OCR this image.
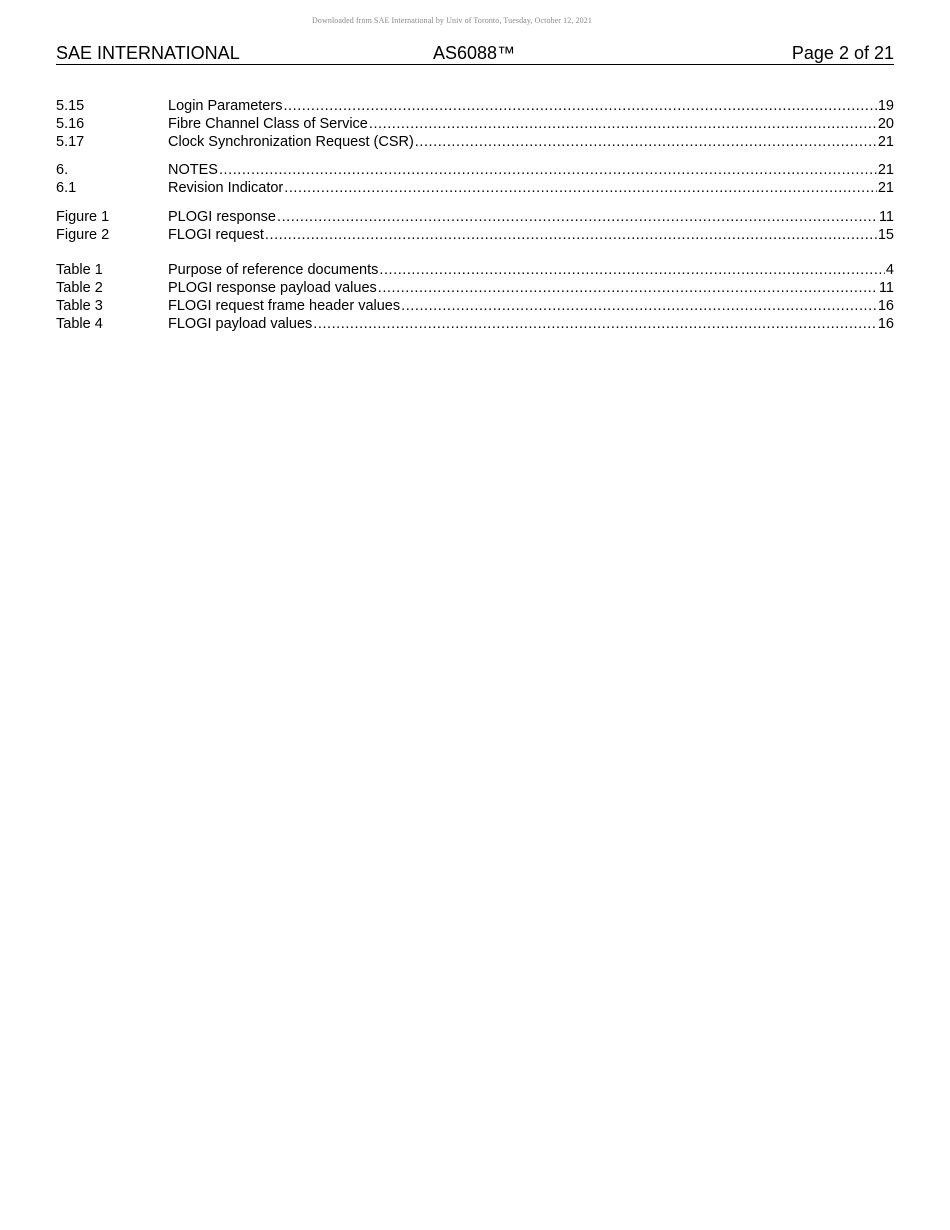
Downloaded from SAE International by Univ of Toronto, Tuesday, October 12, 2021
SAE INTERNATIONAL	AS6088™	Page 2 of 21
5.15	Login Parameters .....	19
5.16	Fibre Channel Class of Service .....	20
5.17	Clock Synchronization Request (CSR) .....	21
6.	NOTES .....	21
6.1	Revision Indicator .....	21
Figure 1	PLOGI response .....	11
Figure 2	FLOGI request .....	15
Table 1	Purpose of reference documents .....	4
Table 2	PLOGI response payload values .....	11
Table 3	FLOGI request frame header values .....	16
Table 4	FLOGI payload values .....	16
